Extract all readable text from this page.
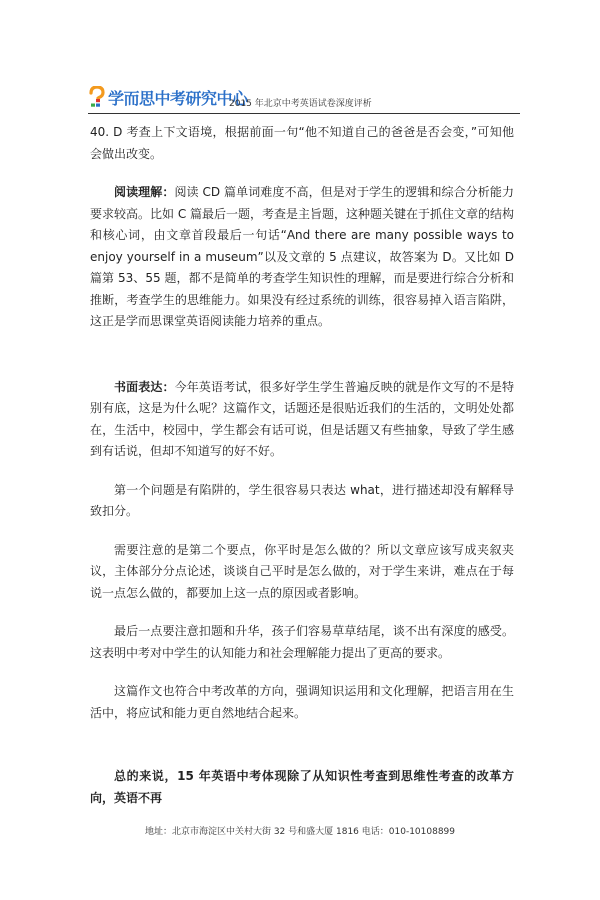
学而思中考研究中心
2015 年北京中考英语试卷深度评析

40. D 考查上下文语境，根据前面一句“他不知道自己的爸爸是否会变，”可知他会做出改变。

阅读理解：阅读 CD 篇单词难度不高，但是对于学生的逻辑和综合分析能力要求较高。比如 C 篇最后一题，考查是主旨题，这种题关键在于抓住文章的结构和核心词，由文章首段最后一句话“And there are many possible ways to enjoy yourself in a museum”以及文章的 5 点建议，故答案为 D。又比如 D 篇第 53、55 题，都不是简单的考查学生知识性的理解，而是要进行综合分析和推断，考查学生的思维能力。如果没有经过系统的训练，很容易掉入语言陷阱，这正是学而思课堂英语阅读能力培养的重点。

书面表达：今年英语考试，很多好学生学生普遍反映的就是作文写的不是特别有底，这是为什么呢？这篇作文，话题还是很贴近我们的生活的，文明处处都在，生活中，校园中，学生都会有话可说，但是话题又有些抽象，导致了学生感到有话说，但却不知道写的好不好。

第一个问题是有陷阱的，学生很容易只表达 what，进行描述却没有解释导致扣分。

需要注意的是第二个要点，你平时是怎么做的？所以文章应该写成夹叙夹议，主体部分分点论述，谈谈自己平时是怎么做的，对于学生来讲，难点在于每说一点怎么做的，都要加上这一点的原因或者影响。

最后一点要注意扣题和升华，孩子们容易草草结尾，谈不出有深度的感受。这表明中考对中学生的认知能力和社会理解能力提出了更高的要求。

这篇作文也符合中考改革的方向，强调知识运用和文化理解，把语言用在生活中，将应试和能力更自然地结合起来。

总的来说，15 年英语中考体现除了从知识性考查到思维性考查的改革方向，英语不再

地址：北京市海淀区中关村大街 32 号和盛大厦 1816 电话：010-10108899
